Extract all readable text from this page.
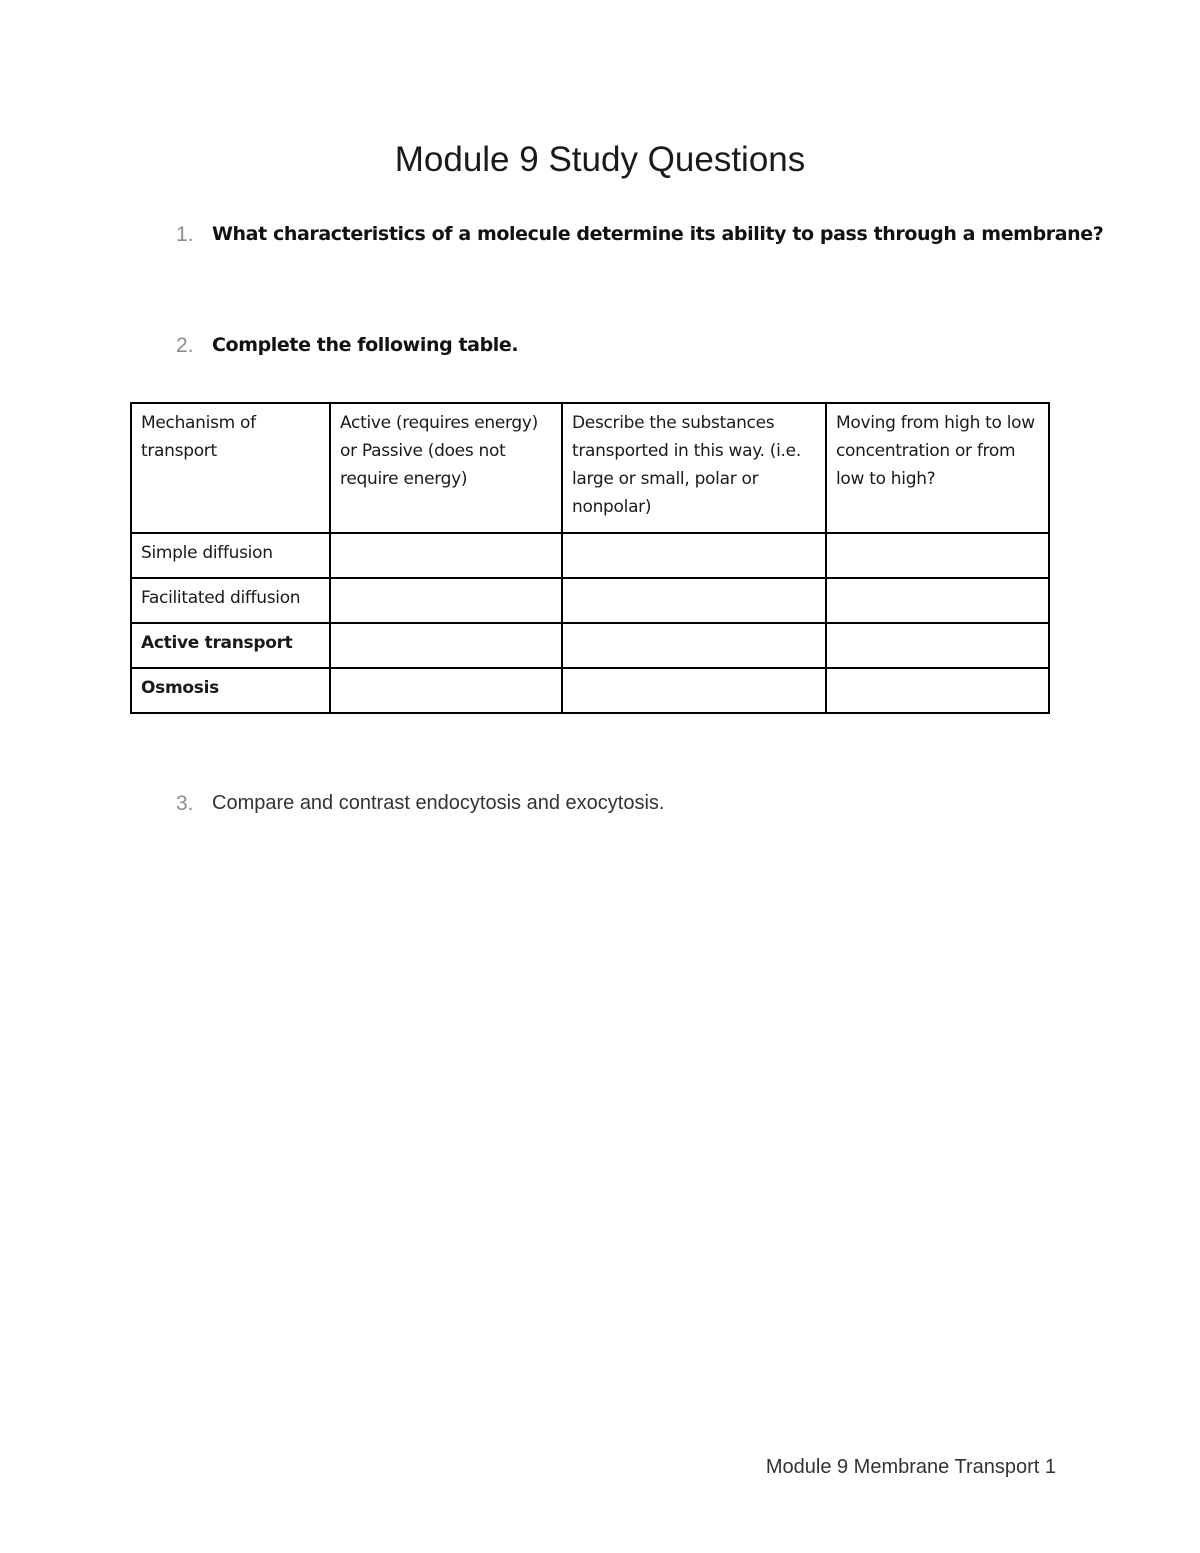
Module 9 Study Questions
1. What characteristics of a molecule determine its ability to pass through a membrane?
2. Complete the following table.
Mechanism of transport	Active (requires energy) or Passive (does not require energy)	Describe the substances transported in this way. (i.e. large or small, polar or nonpolar)	Moving from high to low concentration or from low to high?
Simple diffusion			
Facilitated diffusion			
Active transport			
Osmosis			
3. Compare and contrast endocytosis and exocytosis.
Module 9 Membrane Transport 1
